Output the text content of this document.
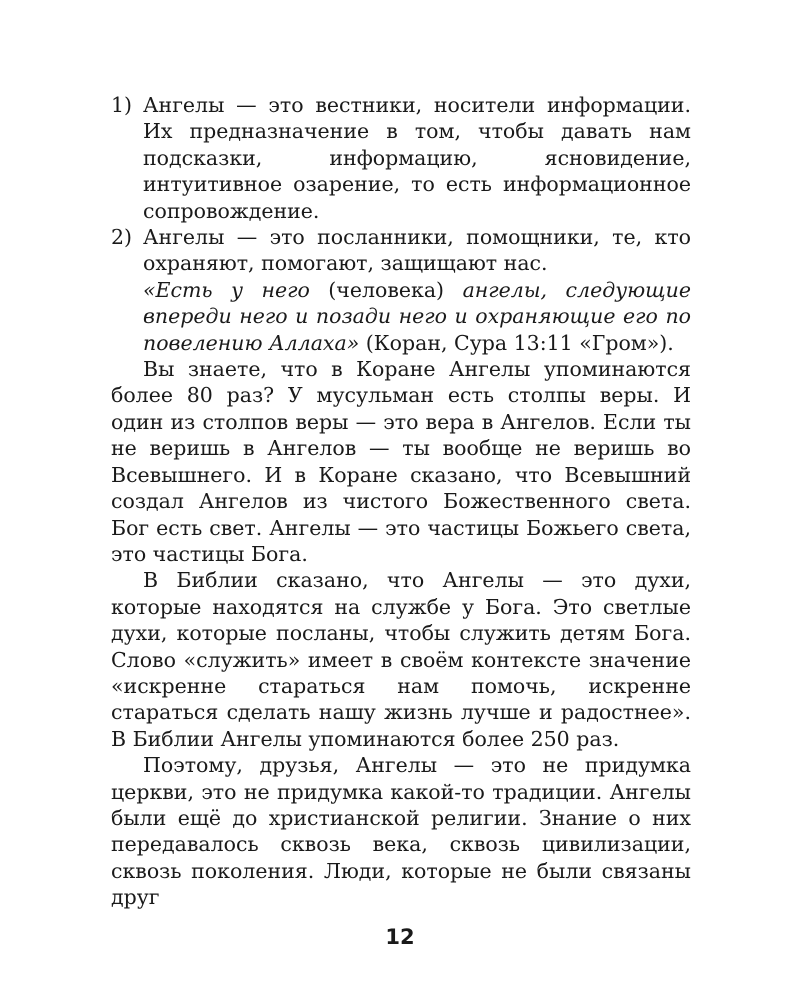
1) Ангелы — это вестники, носители информации. Их предназначение в том, чтобы давать нам подсказки, информацию, ясновидение, интуитивное озарение, то есть информационное сопровождение.
2) Ангелы — это посланники, помощники, те, кто охраняют, помогают, защищают нас.

«Есть у него (человека) ангелы, следующие впереди него и позади него и охраняющие его по повелению Аллаха» (Коран, Сура 13:11 «Гром»).

Вы знаете, что в Коране Ангелы упоминаются более 80 раз? У мусульман есть столпы веры. И один из столпов веры — это вера в Ангелов. Если ты не веришь в Ангелов — ты вообще не веришь во Всевышнего. И в Коране сказано, что Всевышний создал Ангелов из чистого Божественного света. Бог есть свет. Ангелы — это частицы Божьего света, это частицы Бога.

В Библии сказано, что Ангелы — это духи, которые находятся на службе у Бога. Это светлые духи, которые посланы, чтобы служить детям Бога. Слово «служить» имеет в своём контексте значение «искренне стараться нам помочь, искренне стараться сделать нашу жизнь лучше и радостнее». В Библии Ангелы упоминаются более 250 раз.

Поэтому, друзья, Ангелы — это не придумка церкви, это не придумка какой-то традиции. Ангелы были ещё до христианской религии. Знание о них передавалось сквозь века, сквозь цивилизации, сквозь поколения. Люди, которые не были связаны друг

12
